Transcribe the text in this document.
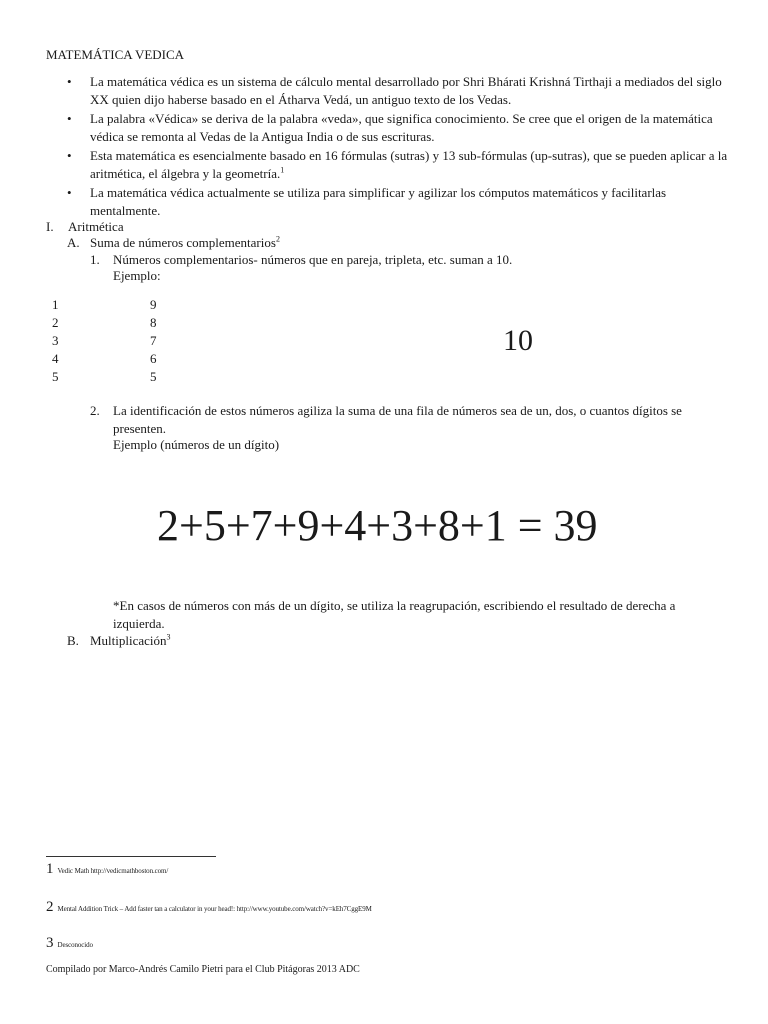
MATEMÁTICA VEDICA
• La matemática védica es un sistema de cálculo mental desarrollado por Shri Bhárati Krishná Tirthaji a mediados del siglo XX quien dijo haberse basado en el Átharva Vedá, un antiguo texto de los Vedas.
• La palabra «Védica» se deriva de la palabra «veda», que significa conocimiento. Se cree que el origen de la matemática védica se remonta al Vedas de la Antigua India o de sus escrituras.
• Esta matemática es esencialmente basado en 16 fórmulas (sutras) y 13 sub-fórmulas (up-sutras), que se pueden aplicar a la aritmética, el álgebra y la geometría.$^1$
• La matemática védica actualmente se utiliza para simplificar y agilizar los cómputos matemáticos y facilitarlas mentalmente.
I. Aritmética
A. Suma de números complementarios$^2$
1. Números complementarios- números que en pareja, tripleta, etc. suman a 10.
Ejemplo:
1
2
3
4
5
9
8
7
6
5
10
2. La identificación de estos números agiliza la suma de una fila de números sea de un, dos, o cuantos dígitos se presenten.
Ejemplo (números de un dígito)
2+5+7+9+4+3+8+1 = 39
*En casos de números con más de un dígito, se utiliza la reagrupación, escribiendo el resultado de derecha a izquierda.
B. Multiplicación$^3$
1 Vedic Math http://vedicmathboston.com/
2 Mental Addition Trick – Add faster tan a calculator in your head!: http://www.youtube.com/watch?v=kEh7CggE9M
3 Desconocido
Compilado por Marco-Andrés Camilo Pietri para el Club Pitágoras 2013 ADC
